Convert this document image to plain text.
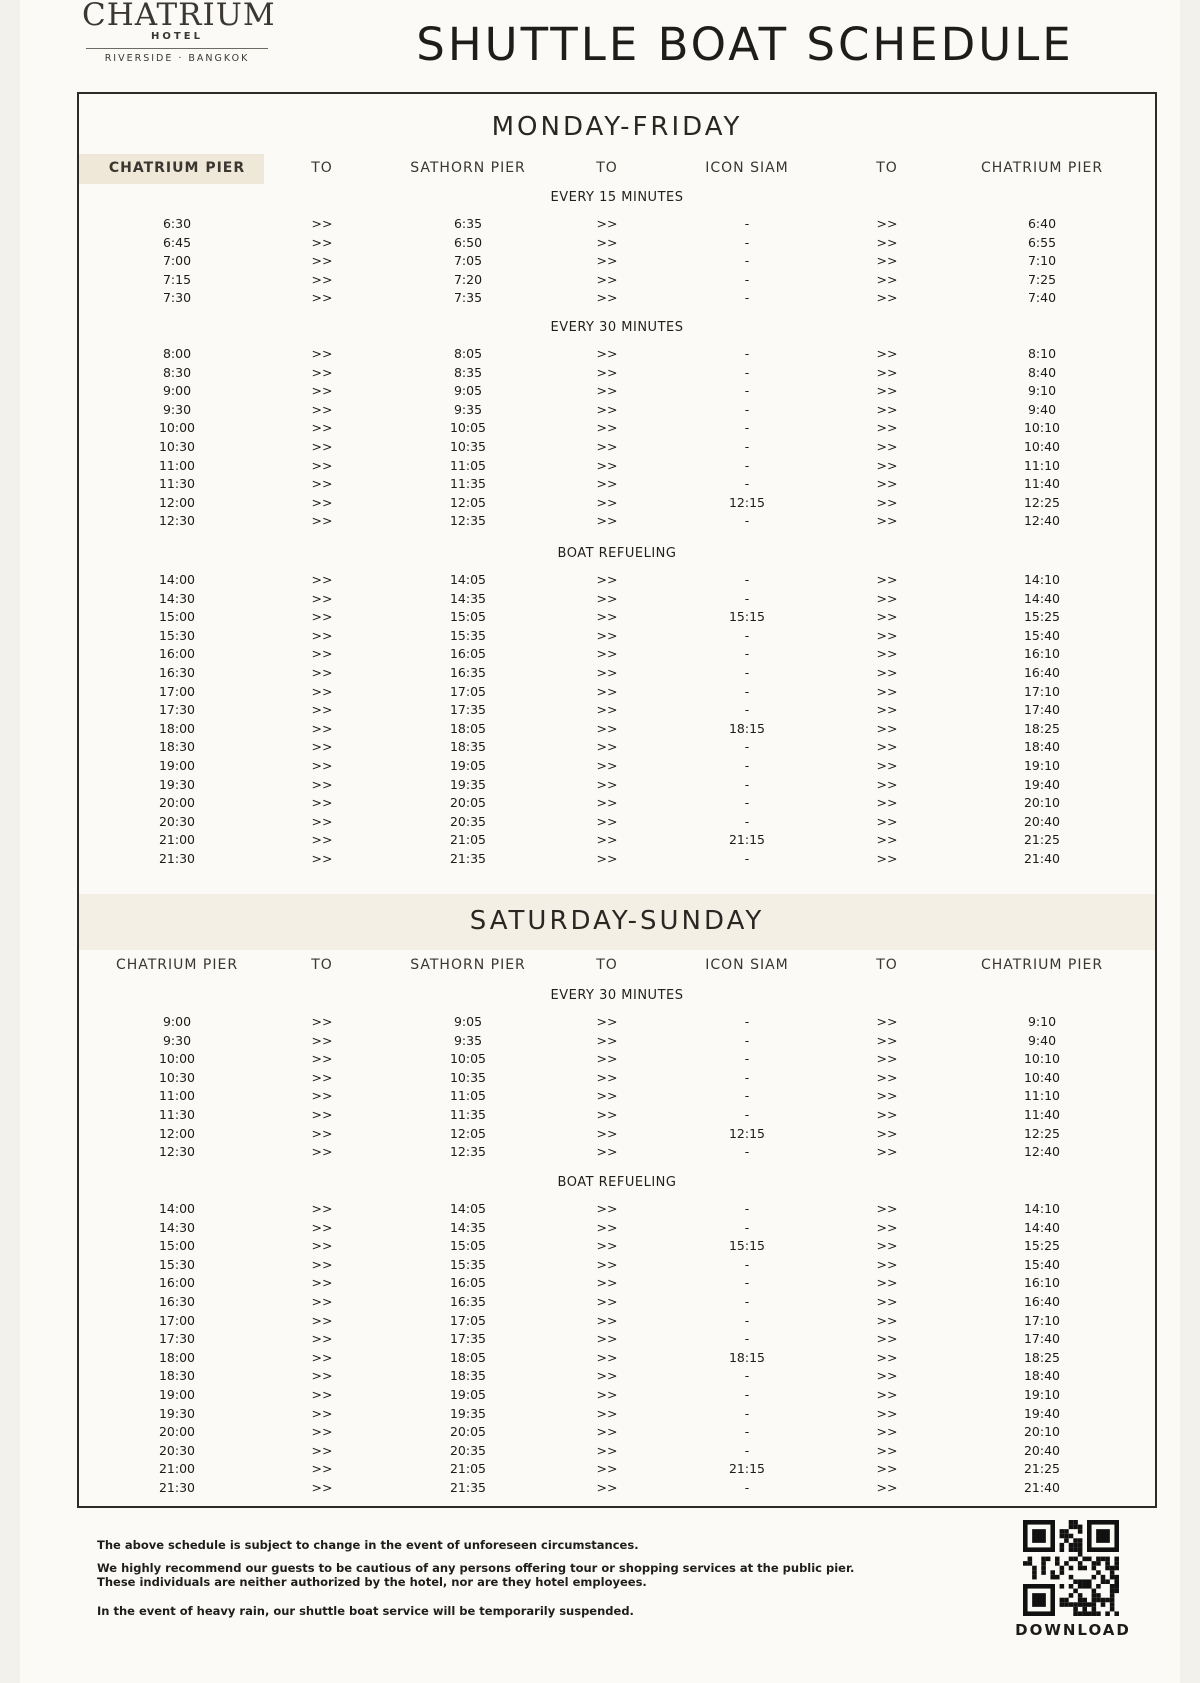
CHATRIUM
HOTEL
RIVERSIDE · BANGKOK	SHUTTLE BOAT SCHEDULE
MONDAY-FRIDAY
CHATRIUM PIER	TO	SATHORN PIER	TO	ICON SIAM	TO	CHATRIUM PIER
EVERY 15 MINUTES
6:30	>>	6:35	>>	-	>>	6:40
6:45	>>	6:50	>>	-	>>	6:55
7:00	>>	7:05	>>	-	>>	7:10
7:15	>>	7:20	>>	-	>>	7:25
7:30	>>	7:35	>>	-	>>	7:40
EVERY 30 MINUTES
8:00	>>	8:05	>>	-	>>	8:10
8:30	>>	8:35	>>	-	>>	8:40
9:00	>>	9:05	>>	-	>>	9:10
9:30	>>	9:35	>>	-	>>	9:40
10:00	>>	10:05	>>	-	>>	10:10
10:30	>>	10:35	>>	-	>>	10:40
11:00	>>	11:05	>>	-	>>	11:10
11:30	>>	11:35	>>	-	>>	11:40
12:00	>>	12:05	>>	12:15	>>	12:25
12:30	>>	12:35	>>	-	>>	12:40
BOAT REFUELING
14:00	>>	14:05	>>	-	>>	14:10
14:30	>>	14:35	>>	-	>>	14:40
15:00	>>	15:05	>>	15:15	>>	15:25
15:30	>>	15:35	>>	-	>>	15:40
16:00	>>	16:05	>>	-	>>	16:10
16:30	>>	16:35	>>	-	>>	16:40
17:00	>>	17:05	>>	-	>>	17:10
17:30	>>	17:35	>>	-	>>	17:40
18:00	>>	18:05	>>	18:15	>>	18:25
18:30	>>	18:35	>>	-	>>	18:40
19:00	>>	19:05	>>	-	>>	19:10
19:30	>>	19:35	>>	-	>>	19:40
20:00	>>	20:05	>>	-	>>	20:10
20:30	>>	20:35	>>	-	>>	20:40
21:00	>>	21:05	>>	21:15	>>	21:25
21:30	>>	21:35	>>	-	>>	21:40
SATURDAY-SUNDAY
CHATRIUM PIER	TO	SATHORN PIER	TO	ICON SIAM	TO	CHATRIUM PIER
EVERY 30 MINUTES
9:00	>>	9:05	>>	-	>>	9:10
9:30	>>	9:35	>>	-	>>	9:40
10:00	>>	10:05	>>	-	>>	10:10
10:30	>>	10:35	>>	-	>>	10:40
11:00	>>	11:05	>>	-	>>	11:10
11:30	>>	11:35	>>	-	>>	11:40
12:00	>>	12:05	>>	12:15	>>	12:25
12:30	>>	12:35	>>	-	>>	12:40
BOAT REFUELING
14:00	>>	14:05	>>	-	>>	14:10
14:30	>>	14:35	>>	-	>>	14:40
15:00	>>	15:05	>>	15:15	>>	15:25
15:30	>>	15:35	>>	-	>>	15:40
16:00	>>	16:05	>>	-	>>	16:10
16:30	>>	16:35	>>	-	>>	16:40
17:00	>>	17:05	>>	-	>>	17:10
17:30	>>	17:35	>>	-	>>	17:40
18:00	>>	18:05	>>	18:15	>>	18:25
18:30	>>	18:35	>>	-	>>	18:40
19:00	>>	19:05	>>	-	>>	19:10
19:30	>>	19:35	>>	-	>>	19:40
20:00	>>	20:05	>>	-	>>	20:10
20:30	>>	20:35	>>	-	>>	20:40
21:00	>>	21:05	>>	21:15	>>	21:25
21:30	>>	21:35	>>	-	>>	21:40
The above schedule is subject to change in the event of unforeseen circumstances.
We highly recommend our guests to be cautious of any persons offering tour or shopping services at the public pier.
These individuals are neither authorized by the hotel, nor are they hotel employees.
In the event of heavy rain, our shuttle boat service will be temporarily suspended.
DOWNLOAD
